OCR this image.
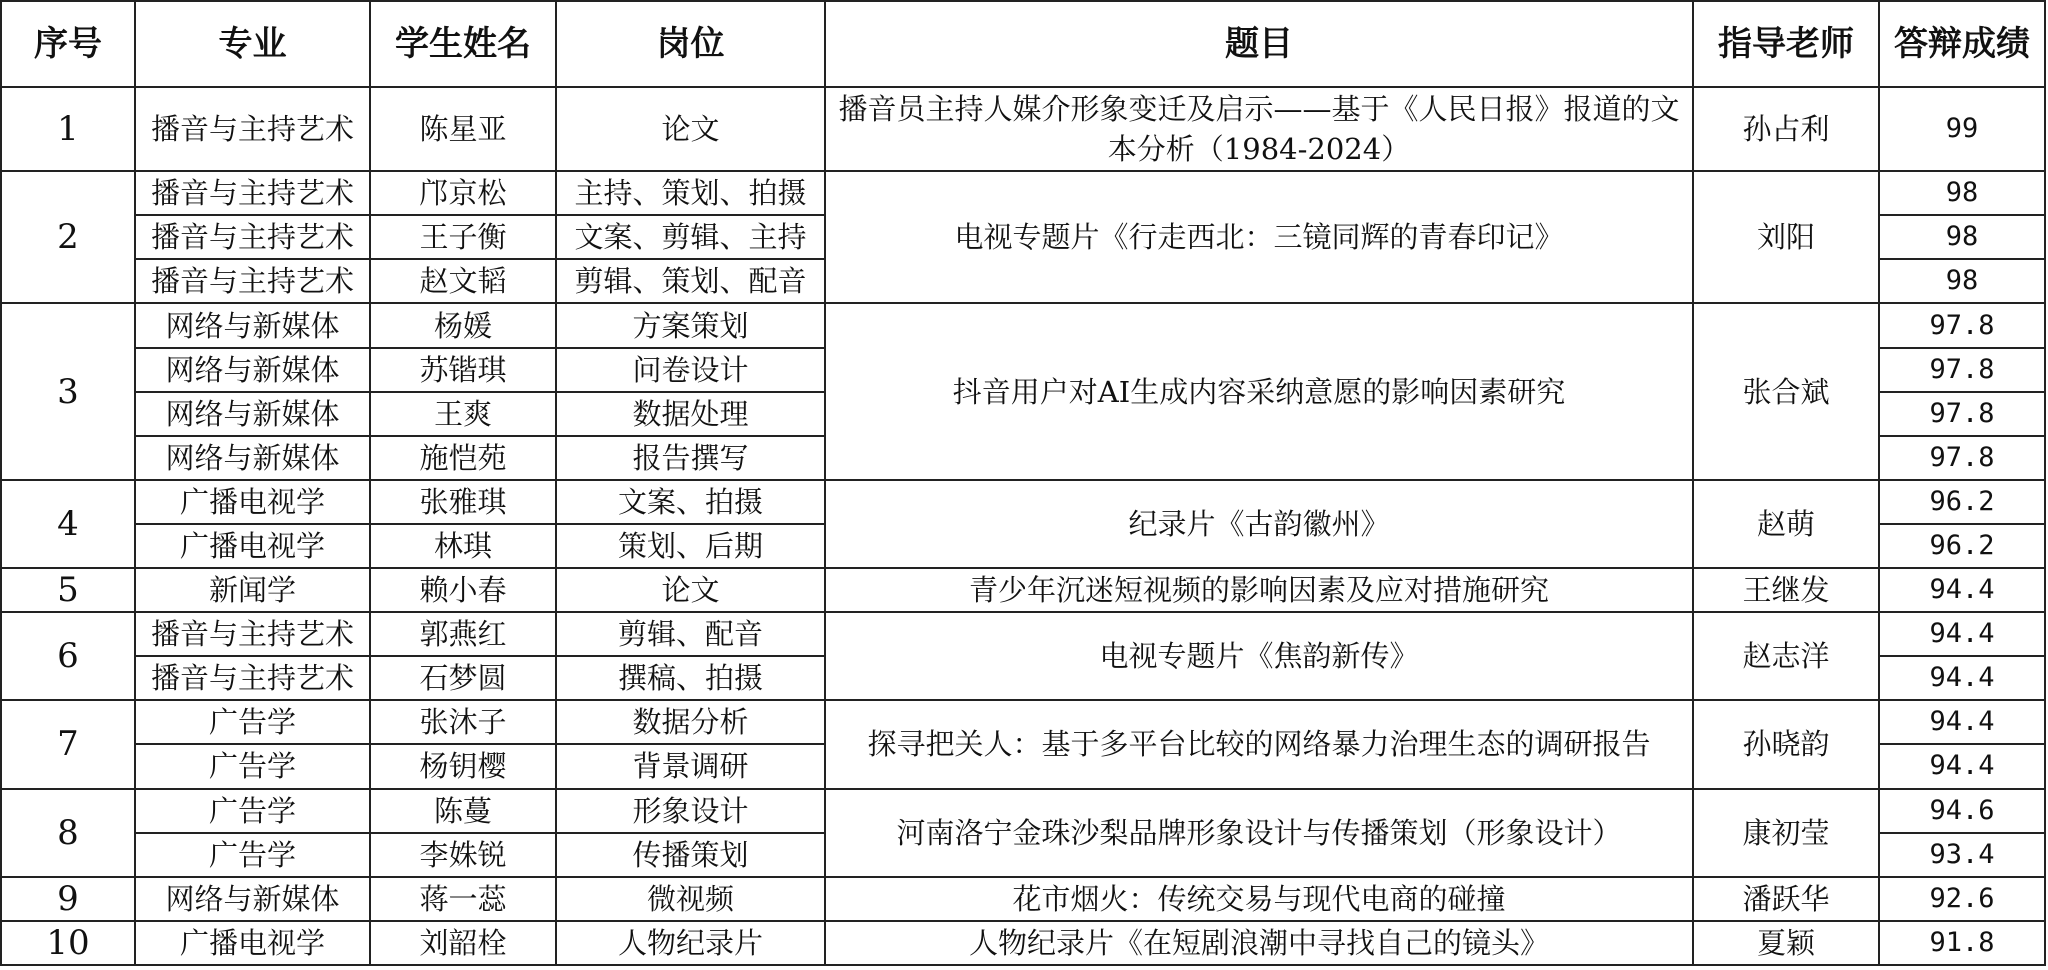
序号	专业	学生姓名	岗位	题目	指导老师	答辩成绩
1	播音与主持艺术	陈星亚	论文	播音员主持人媒介形象变迁及启示——基于《人民日报》报道的文本分析（1984-2024）	孙占利	99
2	播音与主持艺术	邝京松	主持、策划、拍摄	电视专题片《行走西北：三镜同辉的青春印记》	刘阳	98
	播音与主持艺术	王子衡	文案、剪辑、主持			98
	播音与主持艺术	赵文韬	剪辑、策划、配音			98
3	网络与新媒体	杨媛	方案策划	抖音用户对AI生成内容采纳意愿的影响因素研究	张合斌	97.8
	网络与新媒体	苏锴琪	问卷设计			97.8
	网络与新媒体	王爽	数据处理			97.8
	网络与新媒体	施恺苑	报告撰写			97.8
4	广播电视学	张雅琪	文案、拍摄	纪录片《古韵徽州》	赵萌	96.2
	广播电视学	林琪	策划、后期			96.2
5	新闻学	赖小春	论文	青少年沉迷短视频的影响因素及应对措施研究	王继发	94.4
6	播音与主持艺术	郭燕红	剪辑、配音	电视专题片《焦韵新传》	赵志洋	94.4
	播音与主持艺术	石梦圆	撰稿、拍摄			94.4
7	广告学	张沐子	数据分析	探寻把关人：基于多平台比较的网络暴力治理生态的调研报告	孙晓韵	94.4
	广告学	杨钥樱	背景调研			94.4
8	广告学	陈蔓	形象设计	河南洛宁金珠沙梨品牌形象设计与传播策划（形象设计）	康初莹	94.6
	广告学	李姝锐	传播策划			93.4
9	网络与新媒体	蒋一蕊	微视频	花市烟火：传统交易与现代电商的碰撞	潘跃华	92.6
10	广播电视学	刘韶栓	人物纪录片	人物纪录片《在短剧浪潮中寻找自己的镜头》	夏颖	91.8
